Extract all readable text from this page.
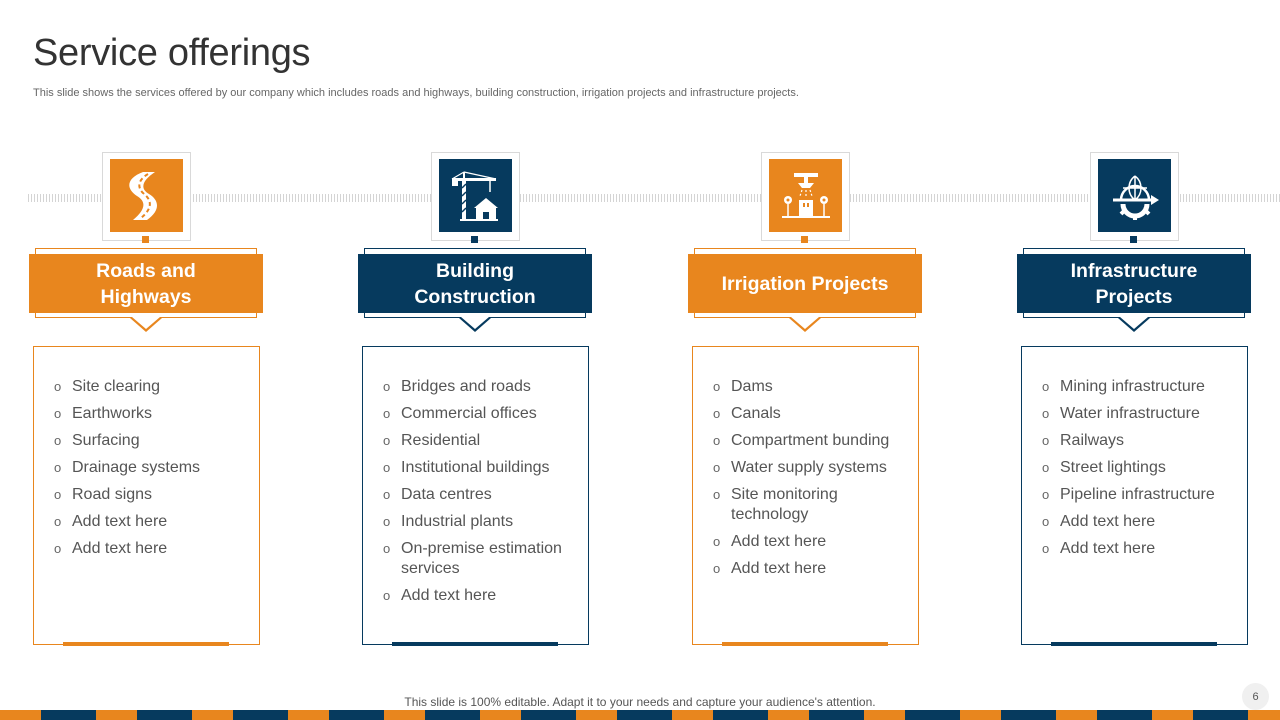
Service offerings

This slide shows the services offered by our company which includes roads and highways, building construction, irrigation projects and infrastructure projects.

Roads and Highways
o Site clearing
o Earthworks
o Surfacing
o Drainage systems
o Road signs
o Add text here
o Add text here
Building Construction
o Bridges and roads
o Commercial offices
o Residential
o Institutional buildings
o Data centres
o Industrial plants
o On-premise estimation services
o Add text here
Irrigation Projects
o Dams
o Canals
o Compartment bunding
o Water supply systems
o Site monitoring technology
o Add text here
o Add text here
Infrastructure Projects
o Mining infrastructure
o Water infrastructure
o Railways
o Street lightings
o Pipeline infrastructure
o Add text here
o Add text here

This slide is 100% editable. Adapt it to your needs and capture your audience's attention.	6
